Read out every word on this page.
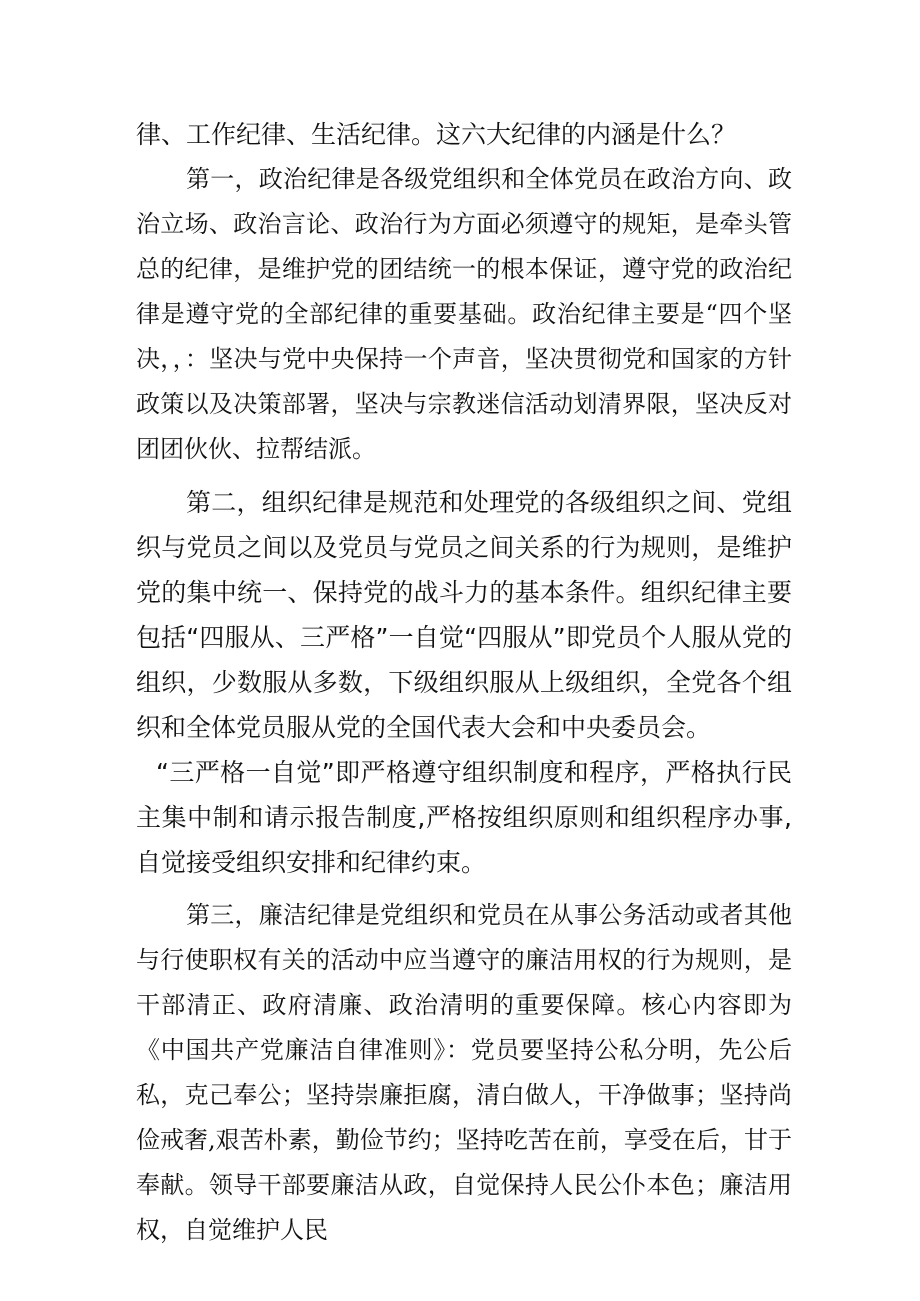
律、工作纪律、生活纪律。这六大纪律的内涵是什么？

第一，政治纪律是各级党组织和全体党员在政治方向、政治立场、政治言论、政治行为方面必须遵守的规矩，是牵头管总的纪律，是维护党的团结统一的根本保证，遵守党的政治纪律是遵守党的全部纪律的重要基础。政治纪律主要是“四个坚决，，：坚决与党中央保持一个声音，坚决贯彻党和国家的方针政策以及决策部署，坚决与宗教迷信活动划清界限，坚决反对团团伙伙、拉帮结派。

第二，组织纪律是规范和处理党的各级组织之间、党组织与党员之间以及党员与党员之间关系的行为规则，是维护党的集中统一、保持党的战斗力的基本条件。组织纪律主要包括“四服从、三严格”一自觉“四服从”即党员个人服从党的组织，少数服从多数，下级组织服从上级组织，全党各个组织和全体党员服从党的全国代表大会和中央委员会。

“三严格一自觉”即严格遵守组织制度和程序，严格执行民主集中制和请示报告制度,严格按组织原则和组织程序办事,自觉接受组织安排和纪律约束。

第三，廉洁纪律是党组织和党员在从事公务活动或者其他与行使职权有关的活动中应当遵守的廉洁用权的行为规则，是干部清正、政府清廉、政治清明的重要保障。核心内容即为《中国共产党廉洁自律准则》：党员要坚持公私分明，先公后私，克己奉公；坚持崇廉拒腐，清白做人，干净做事；坚持尚俭戒奢,艰苦朴素，勤俭节约；坚持吃苦在前，享受在后，甘于奉献。领导干部要廉洁从政，自觉保持人民公仆本色；廉洁用权，自觉维护人民
